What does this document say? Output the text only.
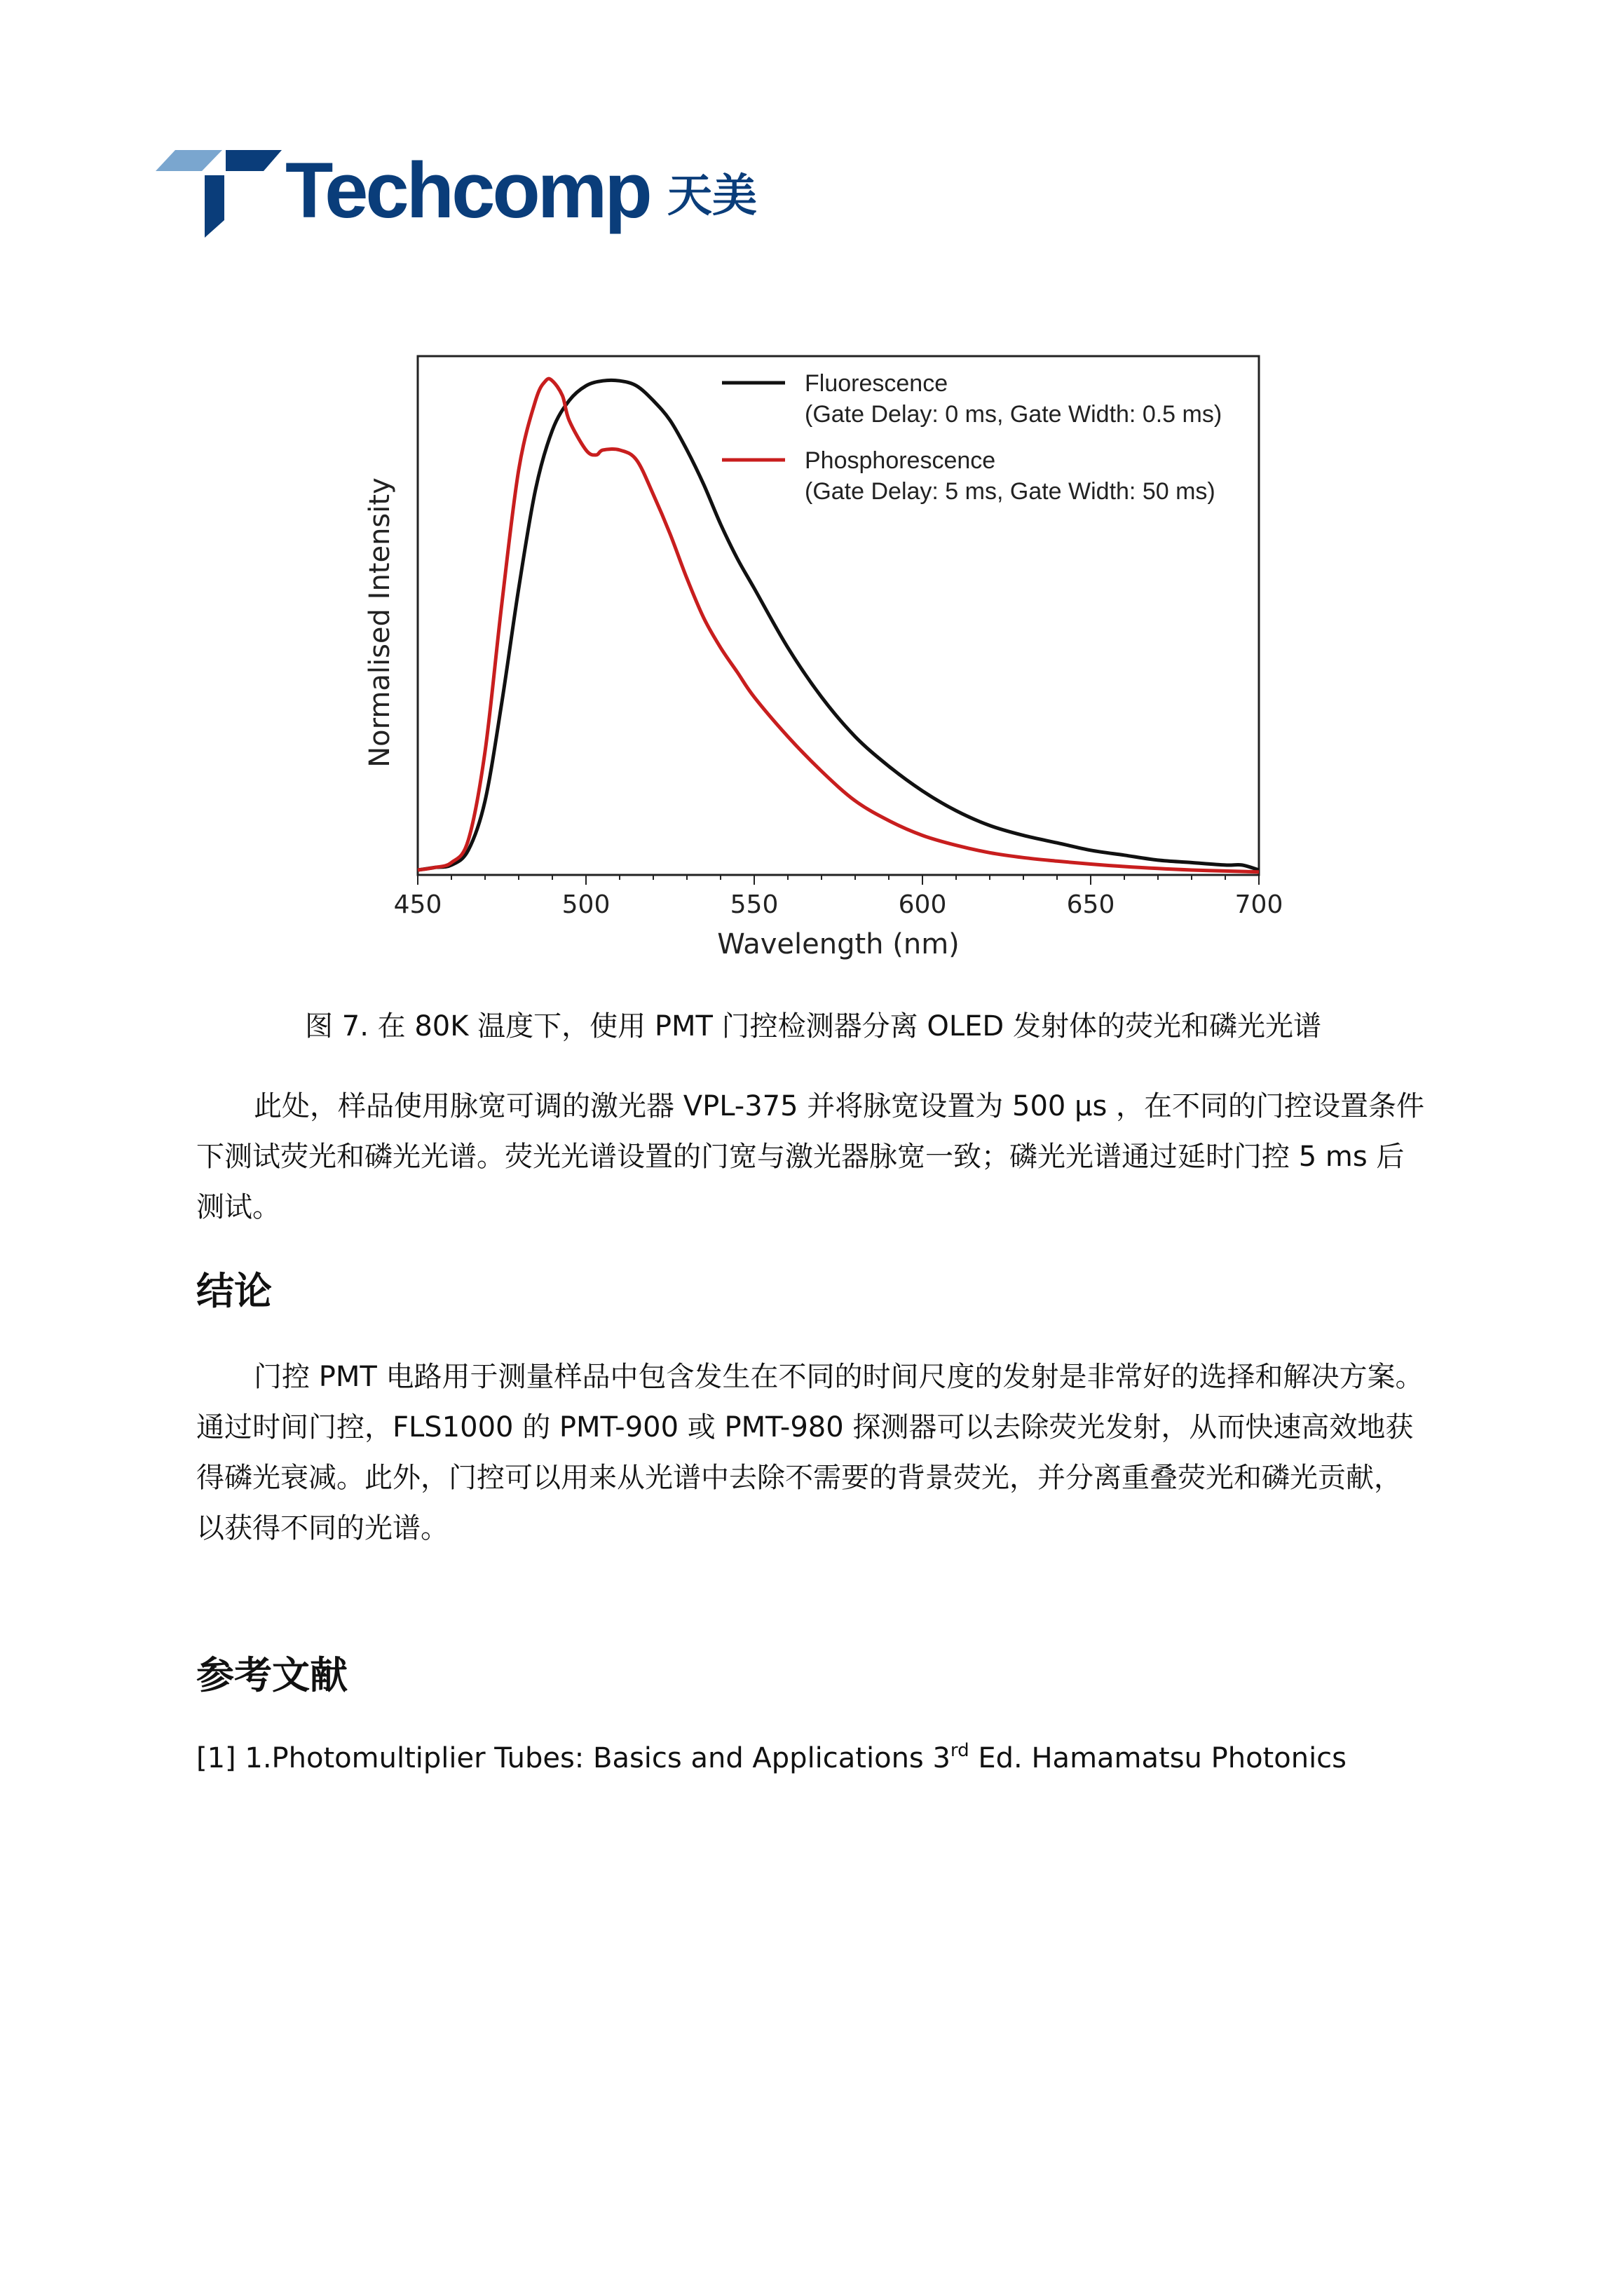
Techcomp 天美
450	500	550	600	650	700
Wavelength (nm)
Normalised Intensity
Fluorescence
(Gate Delay: 0 ms, Gate Width: 0.5 ms)
Phosphorescence
(Gate Delay: 5 ms, Gate Width: 50 ms)
图 7. 在 80K 温度下，使用 PMT 门控检测器分离 OLED 发射体的荧光和磷光光谱

此处，样品使用脉宽可调的激光器 VPL-375 并将脉宽设置为 500 μs ，在不同的门控设置条件
下测试荧光和磷光光谱。荧光光谱设置的门宽与激光器脉宽一致；磷光光谱通过延时门控 5 ms 后
测试。

结论

门控 PMT 电路用于测量样品中包含发生在不同的时间尺度的发射是非常好的选择和解决方案。
通过时间门控，FLS1000 的 PMT-900 或 PMT-980 探测器可以去除荧光发射，从而快速高效地获
得磷光衰减。此外，门控可以用来从光谱中去除不需要的背景荧光，并分离重叠荧光和磷光贡献，
以获得不同的光谱。

参考文献
[1] 1.Photomultiplier Tubes: Basics and Applications 3rd Ed. Hamamatsu Photonics
